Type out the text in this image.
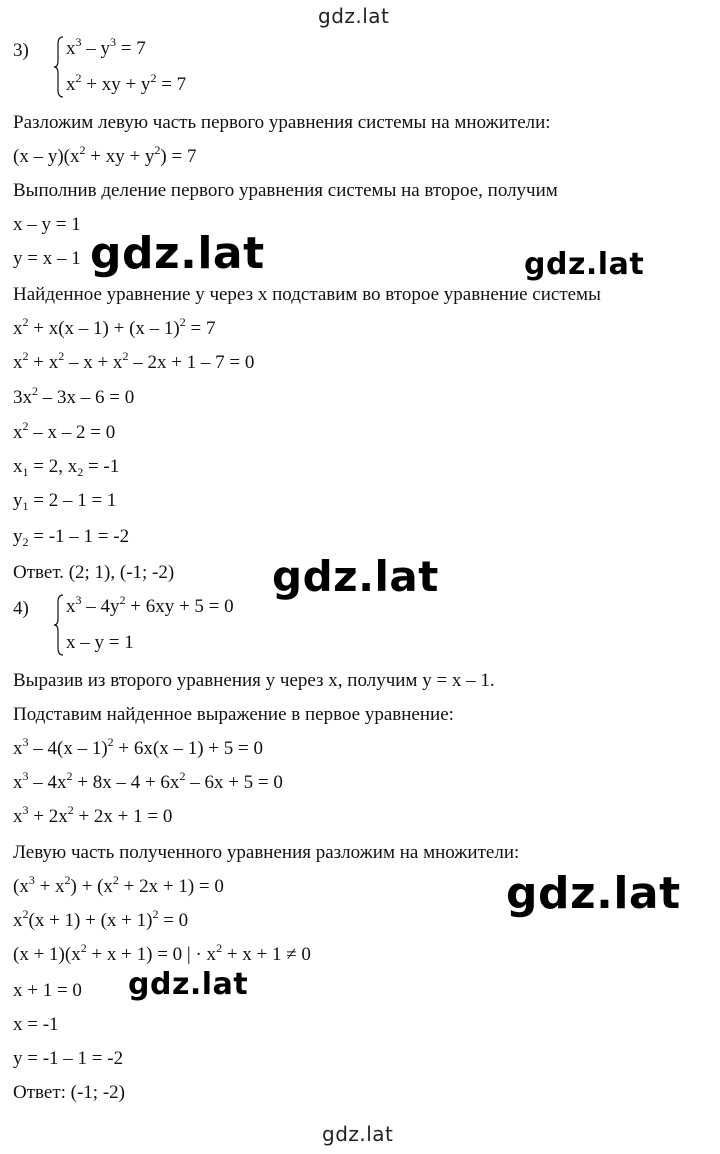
gdz.lat
3) $x^3 - y^3 = 7$
$x^2$ + xy + $y^2 = 7$
Разложим левую часть первого уравнения системы на множители:
$(x - y)(x^2$ + xy + $y^2) = 7$
Выполнив деление первого уравнения системы на второе, получим
x – y = 1
y = x – 1
Найденное уравнение y через x подставим во второе уравнение системы
$x^2 + x(x - 1) + (x - 1)^2 = 7$
$x^2 + x^2 - x + x^2 - 2x + 1 - 7 = 0$
$3x^2 - 3x - 6 = 0$
$x^2 - x - 2 = 0$
$x_1 = 2$, $x_2 = -1$
$y_1 = 2 - 1 = 1$
$y_2 = -1 - 1 = -2$
Ответ. (2; 1), (-1; -2)
4) $x^3 - 4y^2 + 6xy + 5 = 0$
x – y = 1
Выразив из второго уравнения y через x, получим y = x – 1.
Подставим найденное выражение в первое уравнение:
$x^3 - 4(x - 1)^2 + 6x(x - 1) + 5 = 0$
$x^3 - 4x^2 + 8x - 4 + 6x^2 - 6x + 5 = 0$
$x^3 + 2x^2 + 2x + 1 = 0$
Левую часть полученного уравнения разложим на множители:
$(x^3 + x^2) + (x^2 + 2x + 1) = 0$
$x^2(x + 1) + (x + 1)^2 = 0$
$(x + 1)(x^2 + x + 1) = 0$ | · $x^2 + x + 1 \ne 0$
x + 1 = 0
x = -1
y = -1 – 1 = -2
Ответ: (-1; -2)
gdz.lat	gdz.lat
gdz.lat
gdz.lat
gdz.lat
gdz.lat
